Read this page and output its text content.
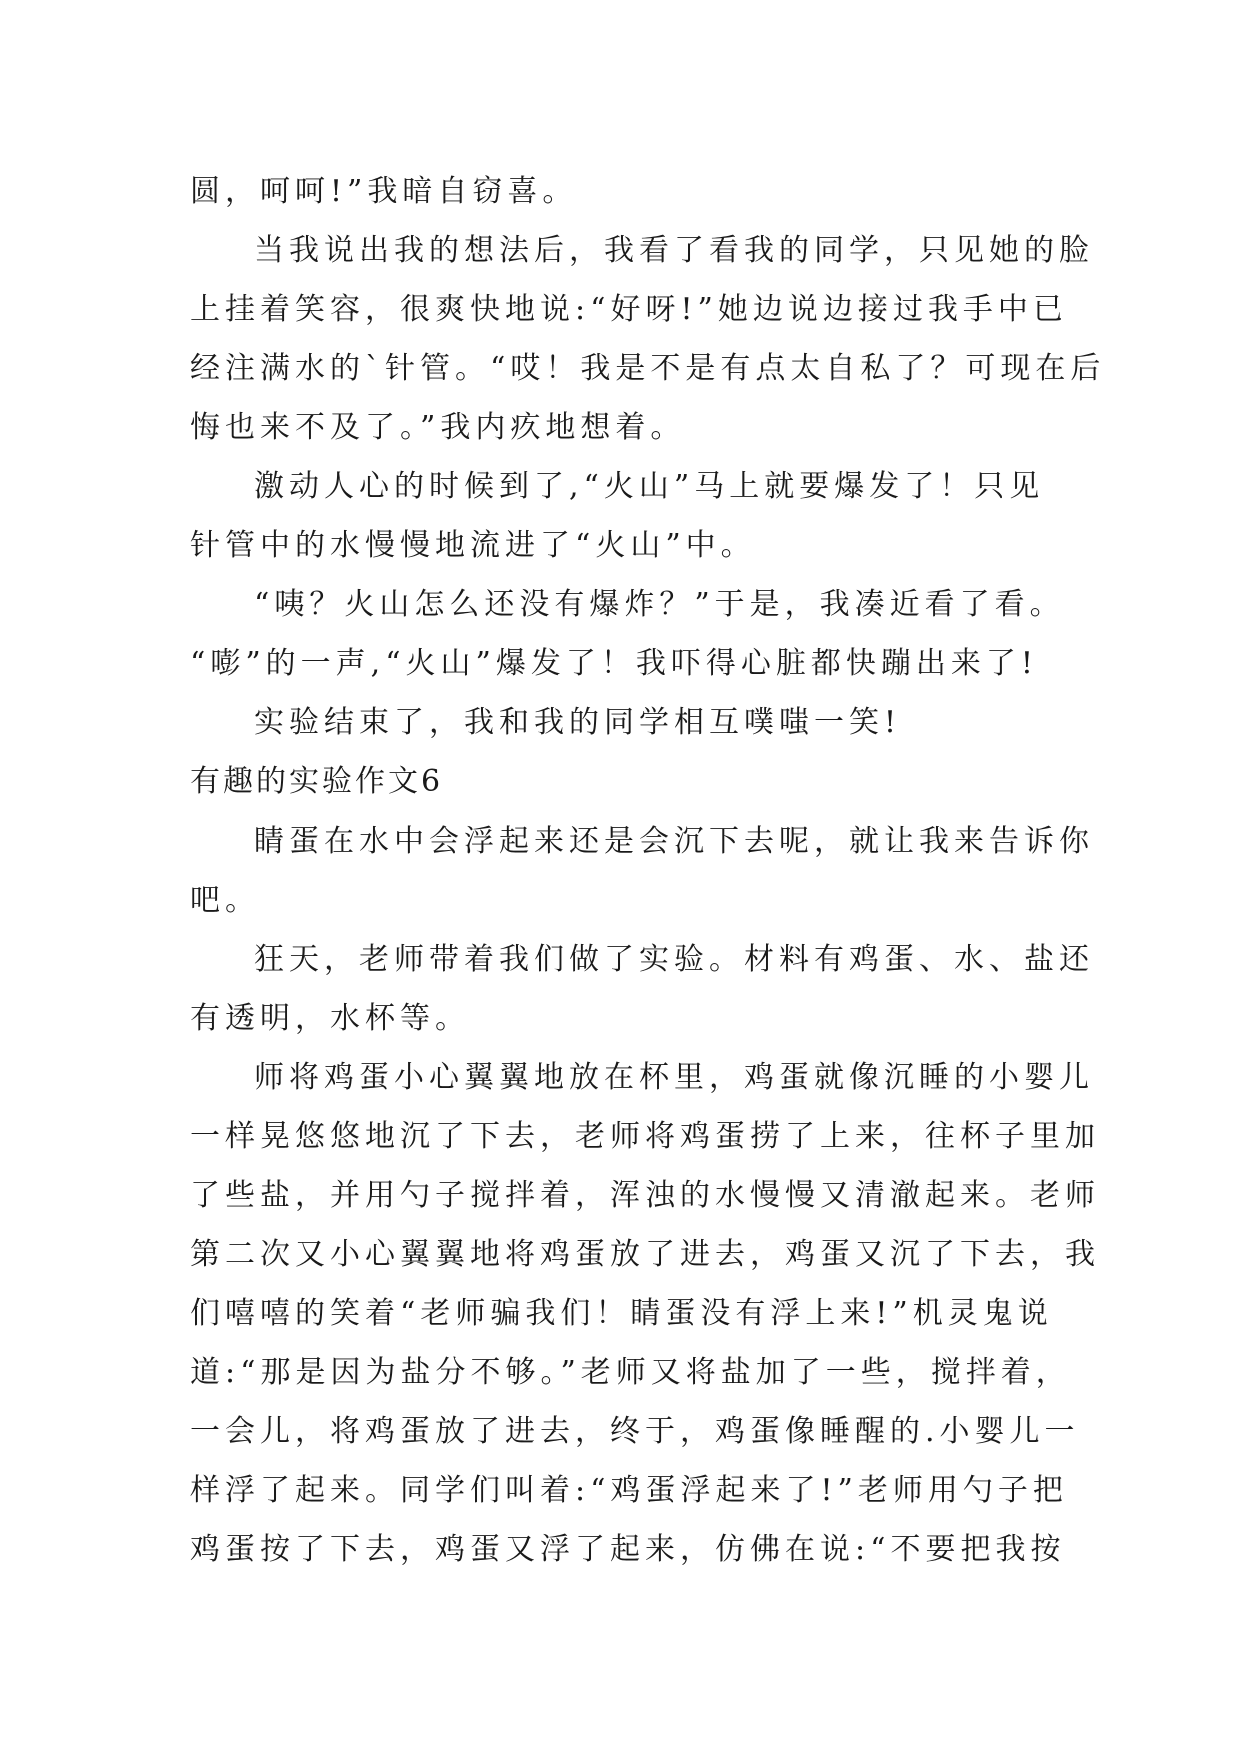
圆，呵呵!”我暗自窃喜。
当我说出我的想法后，我看了看我的同学，只见她的脸
上挂着笑容，很爽快地说:“好呀!”她边说边接过我手中已
经注满水的`针管。“哎！我是不是有点太自私了？可现在后
悔也来不及了。”我内疚地想着。
激动人心的时候到了,“火山”马上就要爆发了！只见
针管中的水慢慢地流进了“火山”中。
“咦？火山怎么还没有爆炸？”于是，我凑近看了看。
“嘭”的一声,“火山”爆发了！我吓得心脏都快蹦出来了!
实验结束了，我和我的同学相互噗嗤一笑!
有趣的实验作文6
睛蛋在水中会浮起来还是会沉下去呢，就让我来告诉你
吧。
狂天，老师带着我们做了实验。材料有鸡蛋、水、盐还
有透明，水杯等。
师将鸡蛋小心翼翼地放在杯里，鸡蛋就像沉睡的小婴儿
一样晃悠悠地沉了下去，老师将鸡蛋捞了上来，往杯子里加
了些盐，并用勺子搅拌着，浑浊的水慢慢又清澈起来。老师
第二次又小心翼翼地将鸡蛋放了进去，鸡蛋又沉了下去，我
们嘻嘻的笑着“老师骗我们！睛蛋没有浮上来!”机灵鬼说
道:“那是因为盐分不够。”老师又将盐加了一些，搅拌着，
一会儿，将鸡蛋放了进去，终于，鸡蛋像睡醒的.小婴儿一
样浮了起来。同学们叫着:“鸡蛋浮起来了!”老师用勺子把
鸡蛋按了下去，鸡蛋又浮了起来，仿佛在说:“不要把我按
